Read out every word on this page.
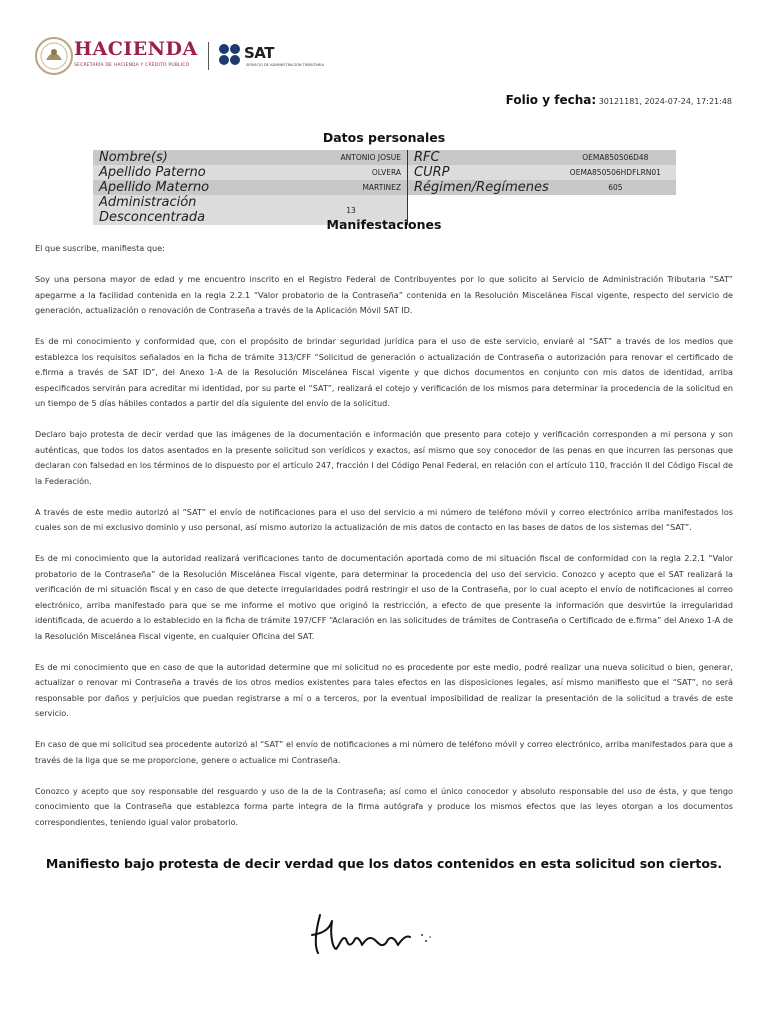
HACIENDA
SECRETARÍA DE HACIENDA Y CRÉDITO PÚBLICO
SAT
SERVICIO DE ADMINISTRACIÓN TRIBUTARIA
Folio y fecha: 30121181, 2024-07-24, 17:21:48
Datos personales
Nombre(s)	ANTONIO JOSUE	RFC	OEMA850506D48
Apellido Paterno	OLVERA	CURP	OEMA850506HDFLRN01
Apellido Materno	MARTINEZ	Régimen/Regímenes	605
Administración Desconcentrada	13		
Manifestaciones

El que suscribe, manifiesta que:

Soy una persona mayor de edad y me encuentro inscrito en el Registro Federal de Contribuyentes por lo que solicito al Servicio de Administración Tributaria “SAT” apegarme a la facilidad contenida en la regla 2.2.1 “Valor probatorio de la Contraseña” contenida en la Resolución Miscelánea Fiscal vigente, respecto del servicio de generación, actualización o renovación de Contraseña a través de la Aplicación Móvil SAT ID.

Es de mi conocimiento y conformidad que, con el propósito de brindar seguridad jurídica para el uso de este servicio, enviaré al “SAT” a través de los medios que establezca los requisitos señalados en la ficha de trámite 313/CFF “Solicitud de generación o actualización de Contraseña o autorización para renovar el certificado de e.firma a través de SAT ID”, del Anexo 1-A de la Resolución Miscelánea Fiscal vigente y que dichos documentos en conjunto con mis datos de identidad, arriba especificados servirán para acreditar mi identidad, por su parte el “SAT”, realizará el cotejo y verificación de los mismos para determinar la procedencia de la solicitud en un tiempo de 5 días hábiles contados a partir del día siguiente del envío de la solicitud.

Declaro bajo protesta de decir verdad que las imágenes de la documentación e información que presento para cotejo y verificación corresponden a mi persona y son auténticas, que todos los datos asentados en la presente solicitud son verídicos y exactos, así mismo que soy conocedor de las penas en que incurren las personas que declaran con falsedad en los términos de lo dispuesto por el artículo 247, fracción I del Código Penal Federal, en relación con el artículo 110, fracción II del Código Fiscal de la Federación.

A través de este medio autorizó al “SAT” el envío de notificaciones para el uso del servicio a mi número de teléfono móvil y correo electrónico arriba manifestados los cuales son de mi exclusivo dominio y uso personal, así mismo autorizo la actualización de mis datos de contacto en las bases de datos de los sistemas del “SAT”.

Es de mi conocimiento que la autoridad realizará verificaciones tanto de documentación aportada como de mi situación fiscal de conformidad con la regla 2.2.1 “Valor probatorio de la Contraseña” de la Resolución Miscelánea Fiscal vigente, para determinar la procedencia del uso del servicio. Conozco y acepto que el SAT realizará la verificación de mi situación fiscal y en caso de que detecte irregularidades podrá restringir el uso de la Contraseña, por lo cual acepto el envío de notificaciones al correo electrónico, arriba manifestado para que se me informe el motivo que originó la restricción, a efecto de que presente la información que desvirtúe la irregularidad identificada, de acuerdo a lo establecido en la ficha de trámite 197/CFF “Aclaración en las solicitudes de trámites de Contraseña o Certificado de e.firma” del Anexo 1-A de la Resolución Miscelánea Fiscal vigente, en cualquier Oficina del SAT.

Es de mi conocimiento que en caso de que la autoridad determine que mi solicitud no es procedente por este medio, podré realizar una nueva solicitud o bien, generar, actualizar o renovar mi Contraseña a través de los otros medios existentes para tales efectos en las disposiciones legales, así mismo manifiesto que el “SAT”, no será responsable por daños y perjuicios que puedan registrarse a mí o a terceros, por la eventual imposibilidad de realizar la presentación de la solicitud a través de este servicio.

En caso de que mi solicitud sea procedente autorizó al “SAT” el envío de notificaciones a mi número de teléfono móvil y correo electrónico, arriba manifestados para que a través de la liga que se me proporcione, genere o actualice mi Contraseña.

Conozco y acepto que soy responsable del resguardo y uso de la de la Contraseña; así como el único conocedor y absoluto responsable del uso de ésta, y que tengo conocimiento que la Contraseña que establezca forma parte integra de la firma autógrafa y produce los mismos efectos que las leyes otorgan a los documentos correspondientes, teniendo igual valor probatorio.

Manifiesto bajo protesta de decir verdad que los datos contenidos en esta solicitud son ciertos.
